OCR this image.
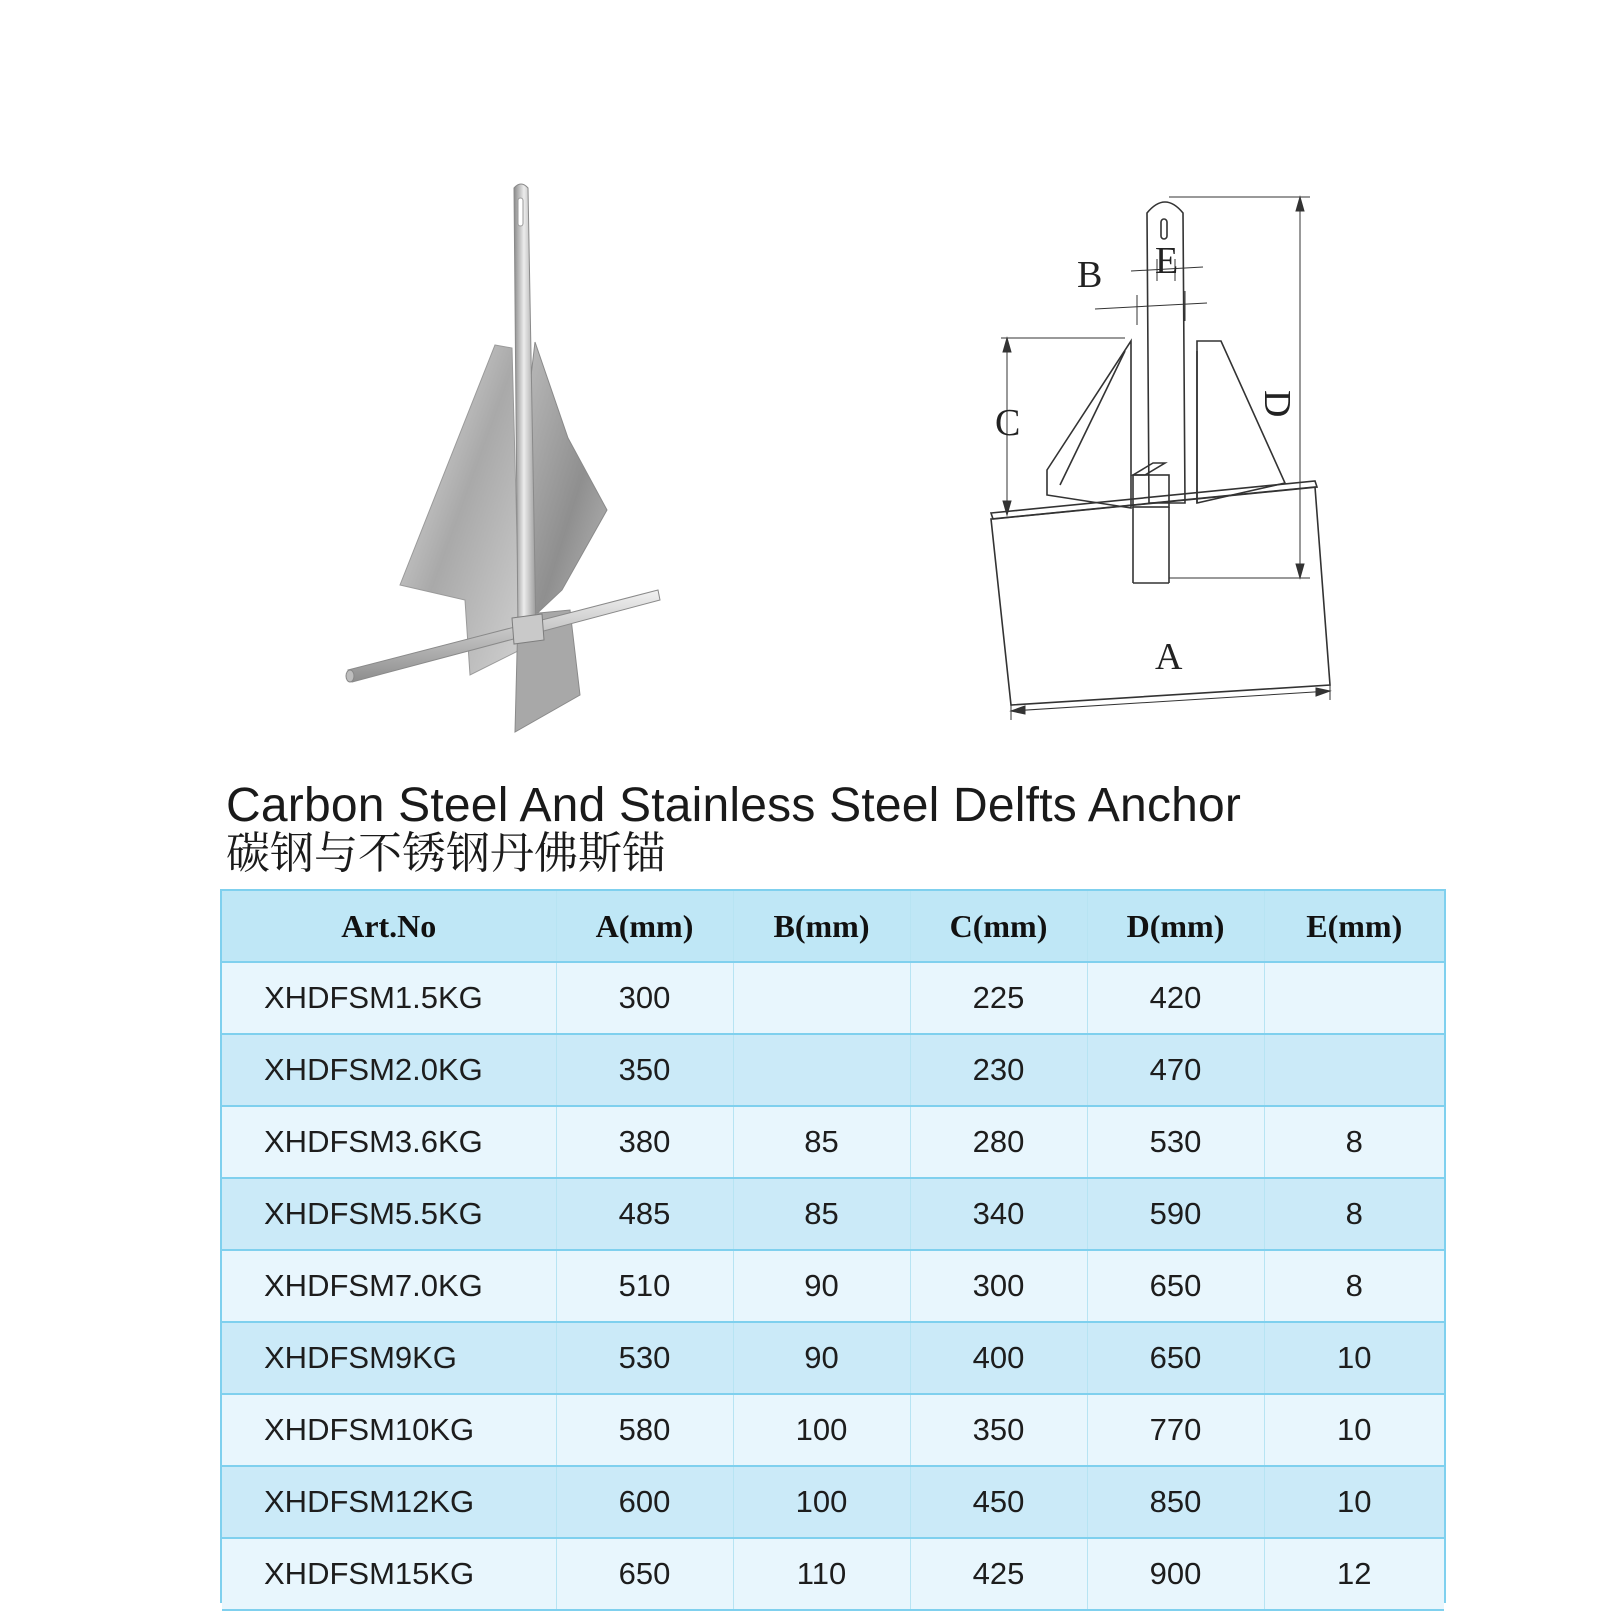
B E
C	D
A
Carbon Steel And Stainless Steel Delfts Anchor
碳钢与不锈钢丹佛斯锚
Art.No	A(mm)	B(mm)	C(mm)	D(mm)	E(mm)
XHDFSM1.5KG	300		225	420	
XHDFSM2.0KG	350		230	470	
XHDFSM3.6KG	380	85	280	530	8
XHDFSM5.5KG	485	85	340	590	8
XHDFSM7.0KG	510	90	300	650	8
XHDFSM9KG	530	90	400	650	10
XHDFSM10KG	580	100	350	770	10
XHDFSM12KG	600	100	450	850	10
XHDFSM15KG	650	110	425	900	12
